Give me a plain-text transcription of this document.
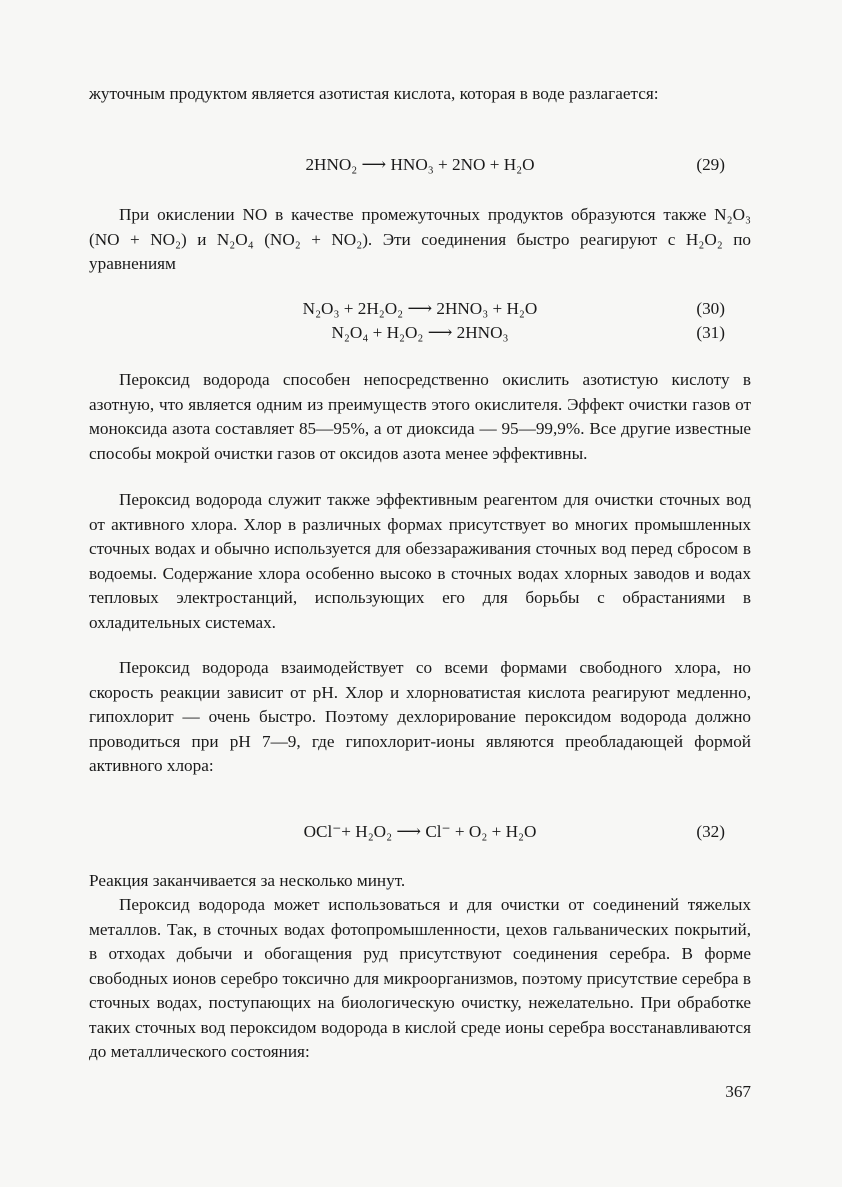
жуточным продуктом является азотистая кислота, которая в воде разлагается:

2HNO₂ ⟶ HNO₃ + 2NO + H₂O	(29)

При окислении NO в качестве промежуточных продуктов образуются также N₂O₃ (NO + NO₂) и N₂O₄ (NO₂ + NO₂). Эти соединения быстро реагируют с H₂O₂ по уравнениям

N₂O₃ + 2H₂O₂ ⟶ 2HNO₃ + H₂O	(30)
N₂O₄ + H₂O₂ ⟶ 2HNO₃	(31)

Пероксид водорода способен непосредственно окислить азотистую кислоту в азотную, что является одним из преимуществ этого окислителя. Эффект очистки газов от моноксида азота составляет 85—95%, а от диоксида — 95—99,9%. Все другие известные способы мокрой очистки газов от оксидов азота менее эффективны.

Пероксид водорода служит также эффективным реагентом для очистки сточных вод от активного хлора. Хлор в различных формах присутствует во многих промышленных сточных водах и обычно используется для обеззараживания сточных вод перед сбросом в водоемы. Содержание хлора особенно высоко в сточных водах хлорных заводов и водах тепловых электростанций, использующих его для борьбы с обрастаниями в охладительных системах.

Пероксид водорода взаимодействует со всеми формами свободного хлора, но скорость реакции зависит от pH. Хлор и хлорноватистая кислота реагируют медленно, гипохлорит — очень быстро. Поэтому дехлорирование пероксидом водорода должно проводиться при pH 7—9, где гипохлорит-ионы являются преобладающей формой активного хлора:

OCl⁻+ H₂O₂ ⟶ Cl⁻ + O₂ + H₂O	(32)

Реакция заканчивается за несколько минут.

Пероксид водорода может использоваться и для очистки от соединений тяжелых металлов. Так, в сточных водах фотопромышленности, цехов гальванических покрытий, в отходах добычи и обогащения руд присутствуют соединения серебра. В форме свободных ионов серебро токсично для микроорганизмов, поэтому присутствие серебра в сточных водах, поступающих на биологическую очистку, нежелательно. При обработке таких сточных вод пероксидом водорода в кислой среде ионы серебра восстанавливаются до металлического состояния:

367
